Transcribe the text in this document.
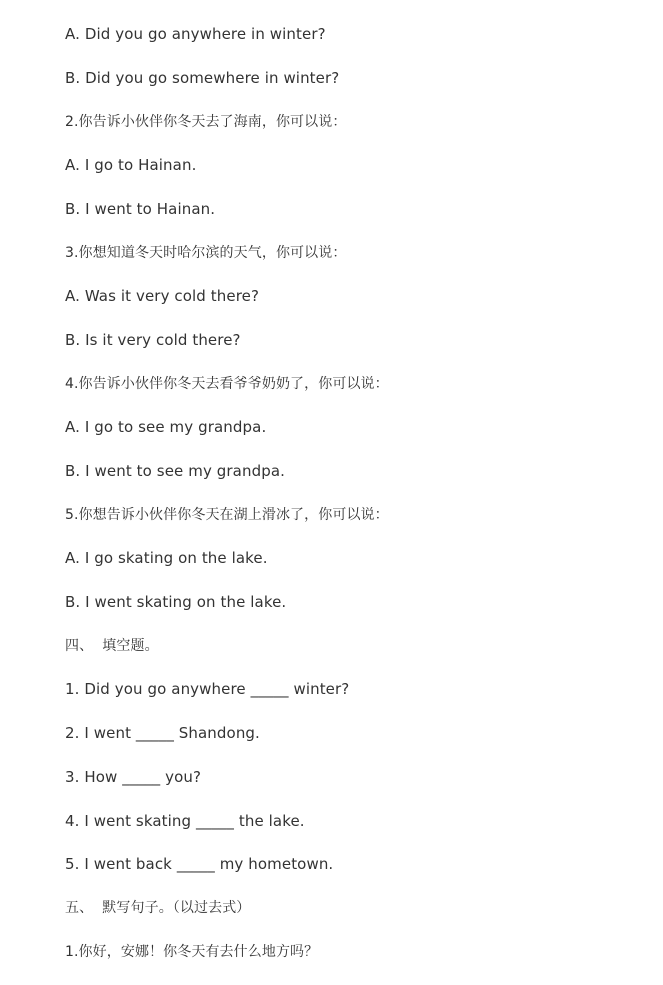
A. Did you go anywhere in winter?
B. Did you go somewhere in winter?
2.你告诉小伙伴你冬天去了海南，你可以说：
A. I go to Hainan.
B. I went to Hainan.
3.你想知道冬天时哈尔滨的天气，你可以说：
A. Was it very cold there?
B. Is it very cold there?
4.你告诉小伙伴你冬天去看爷爷奶奶了，你可以说：
A. I go to see my grandpa.
B. I went to see my grandpa.
5.你想告诉小伙伴你冬天在湖上滑冰了，你可以说：
A. I go skating on the lake.
B. I went skating on the lake.
四、  填空题。
1. Did you go anywhere _____ winter?
2. I went _____ Shandong.
3. How _____ you?
4. I went skating _____ the lake.
5. I went back _____ my hometown.
五、  默写句子。（以过去式）
1.你好，安娜！你冬天有去什么地方吗？
